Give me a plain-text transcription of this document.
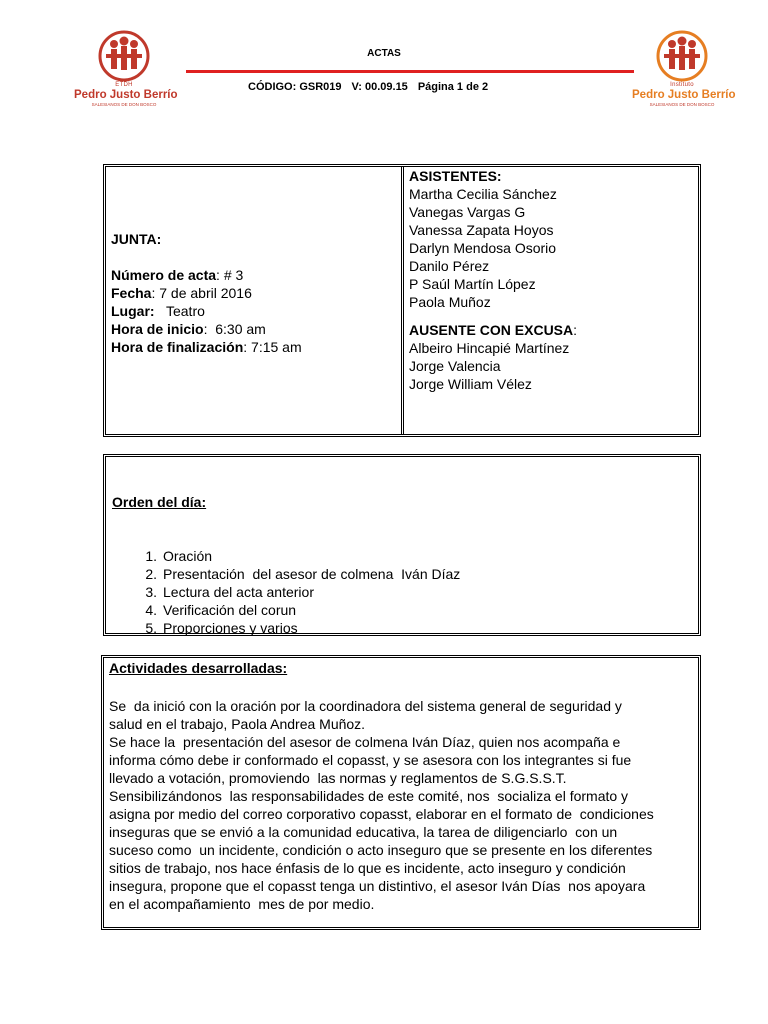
ETDH
Pedro Justo Berrío
SALESIANOS DE DON BOSCO
ACTAS
CÓDIGO: GSR019 V: 00.09.15 Página 1 de 2	Instituto
Pedro Justo Berrío
SALESIANOS DE DON BOSCO
JUNTA:
Número de acta: # 3
Fecha: 7 de abril 2016
Lugar:   Teatro
Hora de inicio:  6:30 am
Hora de finalización: 7:15 am
ASISTENTES:
Martha Cecilia Sánchez
Vanegas Vargas G
Vanessa Zapata Hoyos
Darlyn Mendosa Osorio
Danilo Pérez
P Saúl Martín López
Paola Muñoz
AUSENTE CON EXCUSA:
Albeiro Hincapié Martínez
Jorge Valencia
Jorge William Vélez
Orden del día:
1. Oración
2. Presentación  del asesor de colmena  Iván Díaz
3. Lectura del acta anterior
4. Verificación del corun
5. Proporciones y varios
Actividades desarrolladas:

Se  da inició con la oración por la coordinadora del sistema general de seguridad y

salud en el trabajo, Paola Andrea Muñoz.

Se hace la  presentación del asesor de colmena Iván Díaz, quien nos acompaña e

informa cómo debe ir conformado el copasst, y se asesora con los integrantes si fue

llevado a votación, promoviendo  las normas y reglamentos de S.G.S.S.T.

Sensibilizándonos  las responsabilidades de este comité, nos  socializa el formato y

asigna por medio del correo corporativo copasst, elaborar en el formato de  condiciones

inseguras que se envió a la comunidad educativa, la tarea de diligenciarlo  con un

suceso como  un incidente, condición o acto inseguro que se presente en los diferentes

sitios de trabajo, nos hace énfasis de lo que es incidente, acto inseguro y condición

insegura, propone que el copasst tenga un distintivo, el asesor Iván Días  nos apoyara

en el acompañamiento  mes de por medio.
